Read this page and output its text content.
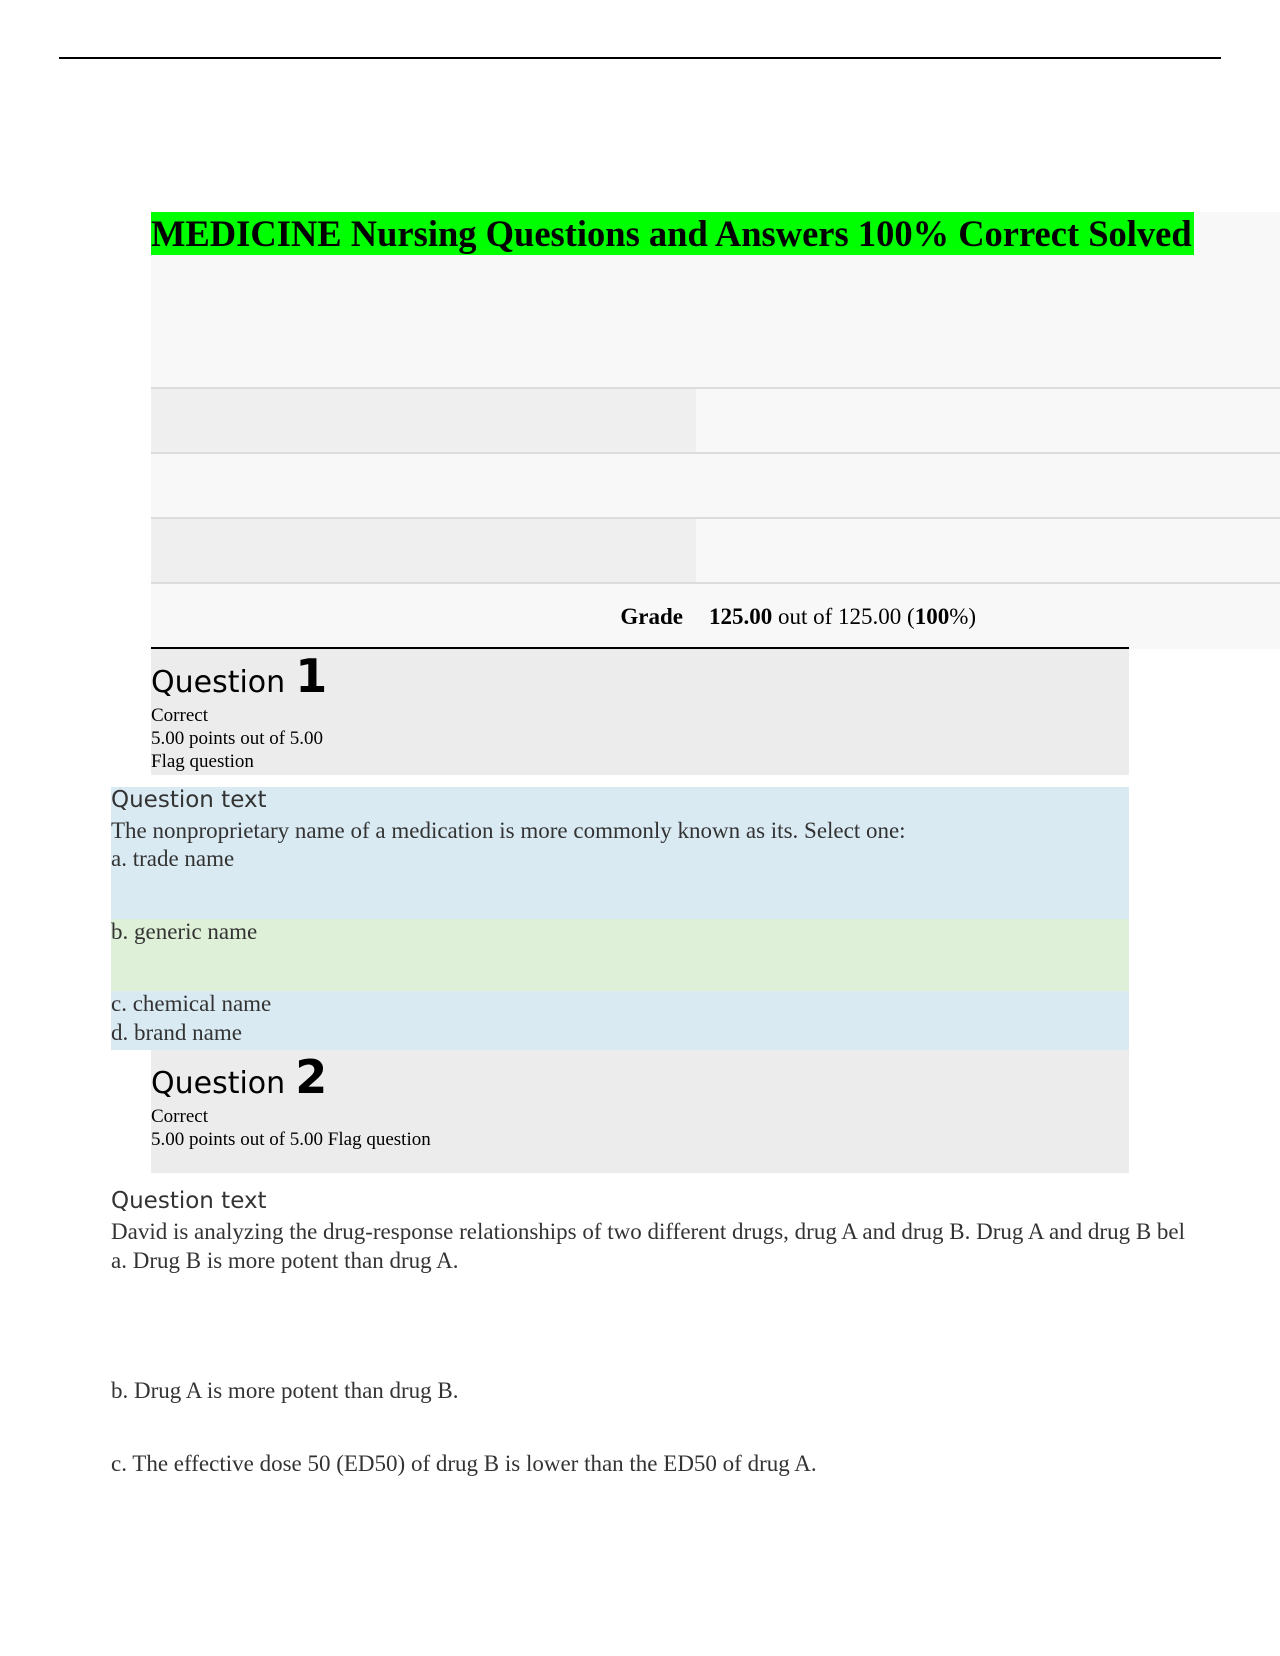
MEDICINE Nursing Questions and Answers 100% Correct Solved
Grade 125.00 out of 125.00 (100%)
Question 1
Correct
5.00 points out of 5.00
Flag question
Question text
The nonproprietary name of a medication is more commonly known as its. Select one:
a. trade name
b. generic name
c. chemical name
d. brand name
Question 2
Correct
5.00 points out of 5.00 Flag question
Question text
David is analyzing the drug-response relationships of two different drugs, drug A and drug B. Drug A and drug B bel
a. Drug B is more potent than drug A.
b. Drug A is more potent than drug B.
c. The effective dose 50 (ED50) of drug B is lower than the ED50 of drug A.
